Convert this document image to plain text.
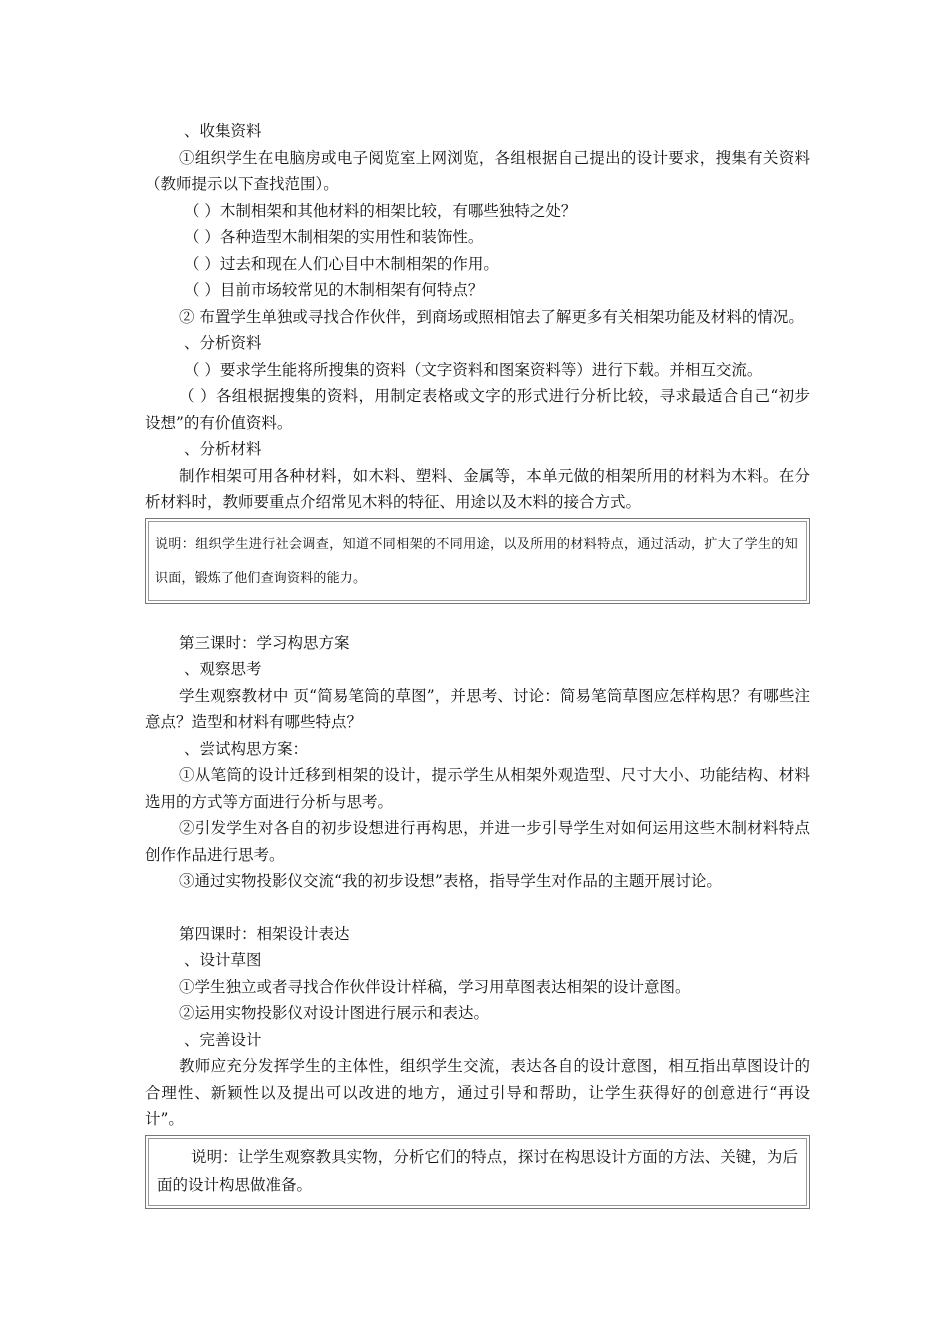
、收集资料

①组织学生在电脑房或电子阅览室上网浏览，各组根据自己提出的设计要求，搜集有关资料（教师提示以下查找范围）。

（ ）木制相架和其他材料的相架比较，有哪些独特之处？

（ ）各种造型木制相架的实用性和装饰性。

（ ）过去和现在人们心目中木制相架的作用。

（ ）目前市场较常见的木制相架有何特点？

② 布置学生单独或寻找合作伙伴，到商场或照相馆去了解更多有关相架功能及材料的情况。

、分析资料

（ ）要求学生能将所搜集的资料（文字资料和图案资料等）进行下载。并相互交流。

（ ）各组根据搜集的资料，用制定表格或文字的形式进行分析比较，寻求最适合自己“初步设想”的有价值资料。

、分析材料

制作相架可用各种材料，如木料、塑料、金属等，本单元做的相架所用的材料为木料。在分析材料时，教师要重点介绍常见木料的特征、用途以及木料的接合方式。

说明：组织学生进行社会调查，知道不同相架的不同用途，以及所用的材料特点，通过活动，扩大了学生的知识面，锻炼了他们查询资料的能力。

第三课时：学习构思方案

、观察思考

学生观察教材中 页“简易笔筒的草图”，并思考、讨论：简易笔筒草图应怎样构思？有哪些注意点？造型和材料有哪些特点？

、尝试构思方案：

①从笔筒的设计迁移到相架的设计，提示学生从相架外观造型、尺寸大小、功能结构、材料选用的方式等方面进行分析与思考。

②引发学生对各自的初步设想进行再构思，并进一步引导学生对如何运用这些木制材料特点创作作品进行思考。

③通过实物投影仪交流“我的初步设想”表格，指导学生对作品的主题开展讨论。

第四课时：相架设计表达

、设计草图

①学生独立或者寻找合作伙伴设计样稿，学习用草图表达相架的设计意图。

②运用实物投影仪对设计图进行展示和表达。

、完善设计

教师应充分发挥学生的主体性，组织学生交流，表达各自的设计意图，相互指出草图设计的合理性、新颖性以及提出可以改进的地方，通过引导和帮助，让学生获得好的创意进行“再设计”。

说明：让学生观察教具实物，分析它们的特点，探讨在构思设计方面的方法、关键，为后面的设计构思做准备。
